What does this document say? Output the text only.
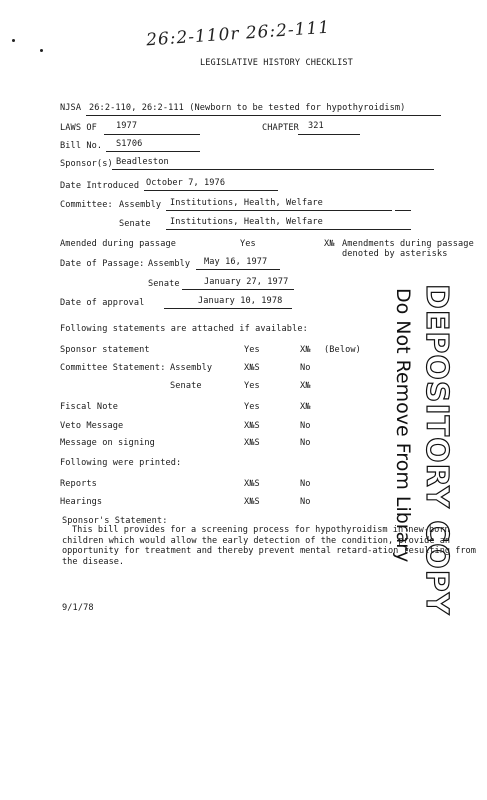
26:2-110r 26:2-111
LEGISLATIVE HISTORY CHECKLIST
NJSA 26:2-110, 26:2-111 (Newborn to be tested for hypothyroidism)
LAWS OF 1977	CHAPTER 321
Bill No. S1706
Sponsor(s) Beadleston
Date Introduced October 7, 1976
Committee: Assembly Institutions, Health, Welfare
Senate Institutions, Health, Welfare
Amended during passage	Yes	X№ Amendments during passage
denoted by asterisks
Date of Passage: Assembly May 16, 1977
Senate	January 27, 1977
Date of approval	January 10, 1978
Following statements are attached if available:
Sponsor statement	Yes	X№ (Below)
Committee Statement: Assembly	X№S	No
Senate	Yes	X№
Fiscal Note	Yes	X№
Veto Message	X№S	No
Message on signing	X№S	No
Following were printed:
Reports	X№S	No
Hearings	X№S	No	DEPOSITORY COPY
Do Not Remove From Library
Sponsor's Statement:
This bill provides for a screening process for hypothyroidism in new-born children which would allow the early detection of the condition, provide an opportunity for treatment and thereby prevent mental retard-ation resulting from the disease.
9/1/78
